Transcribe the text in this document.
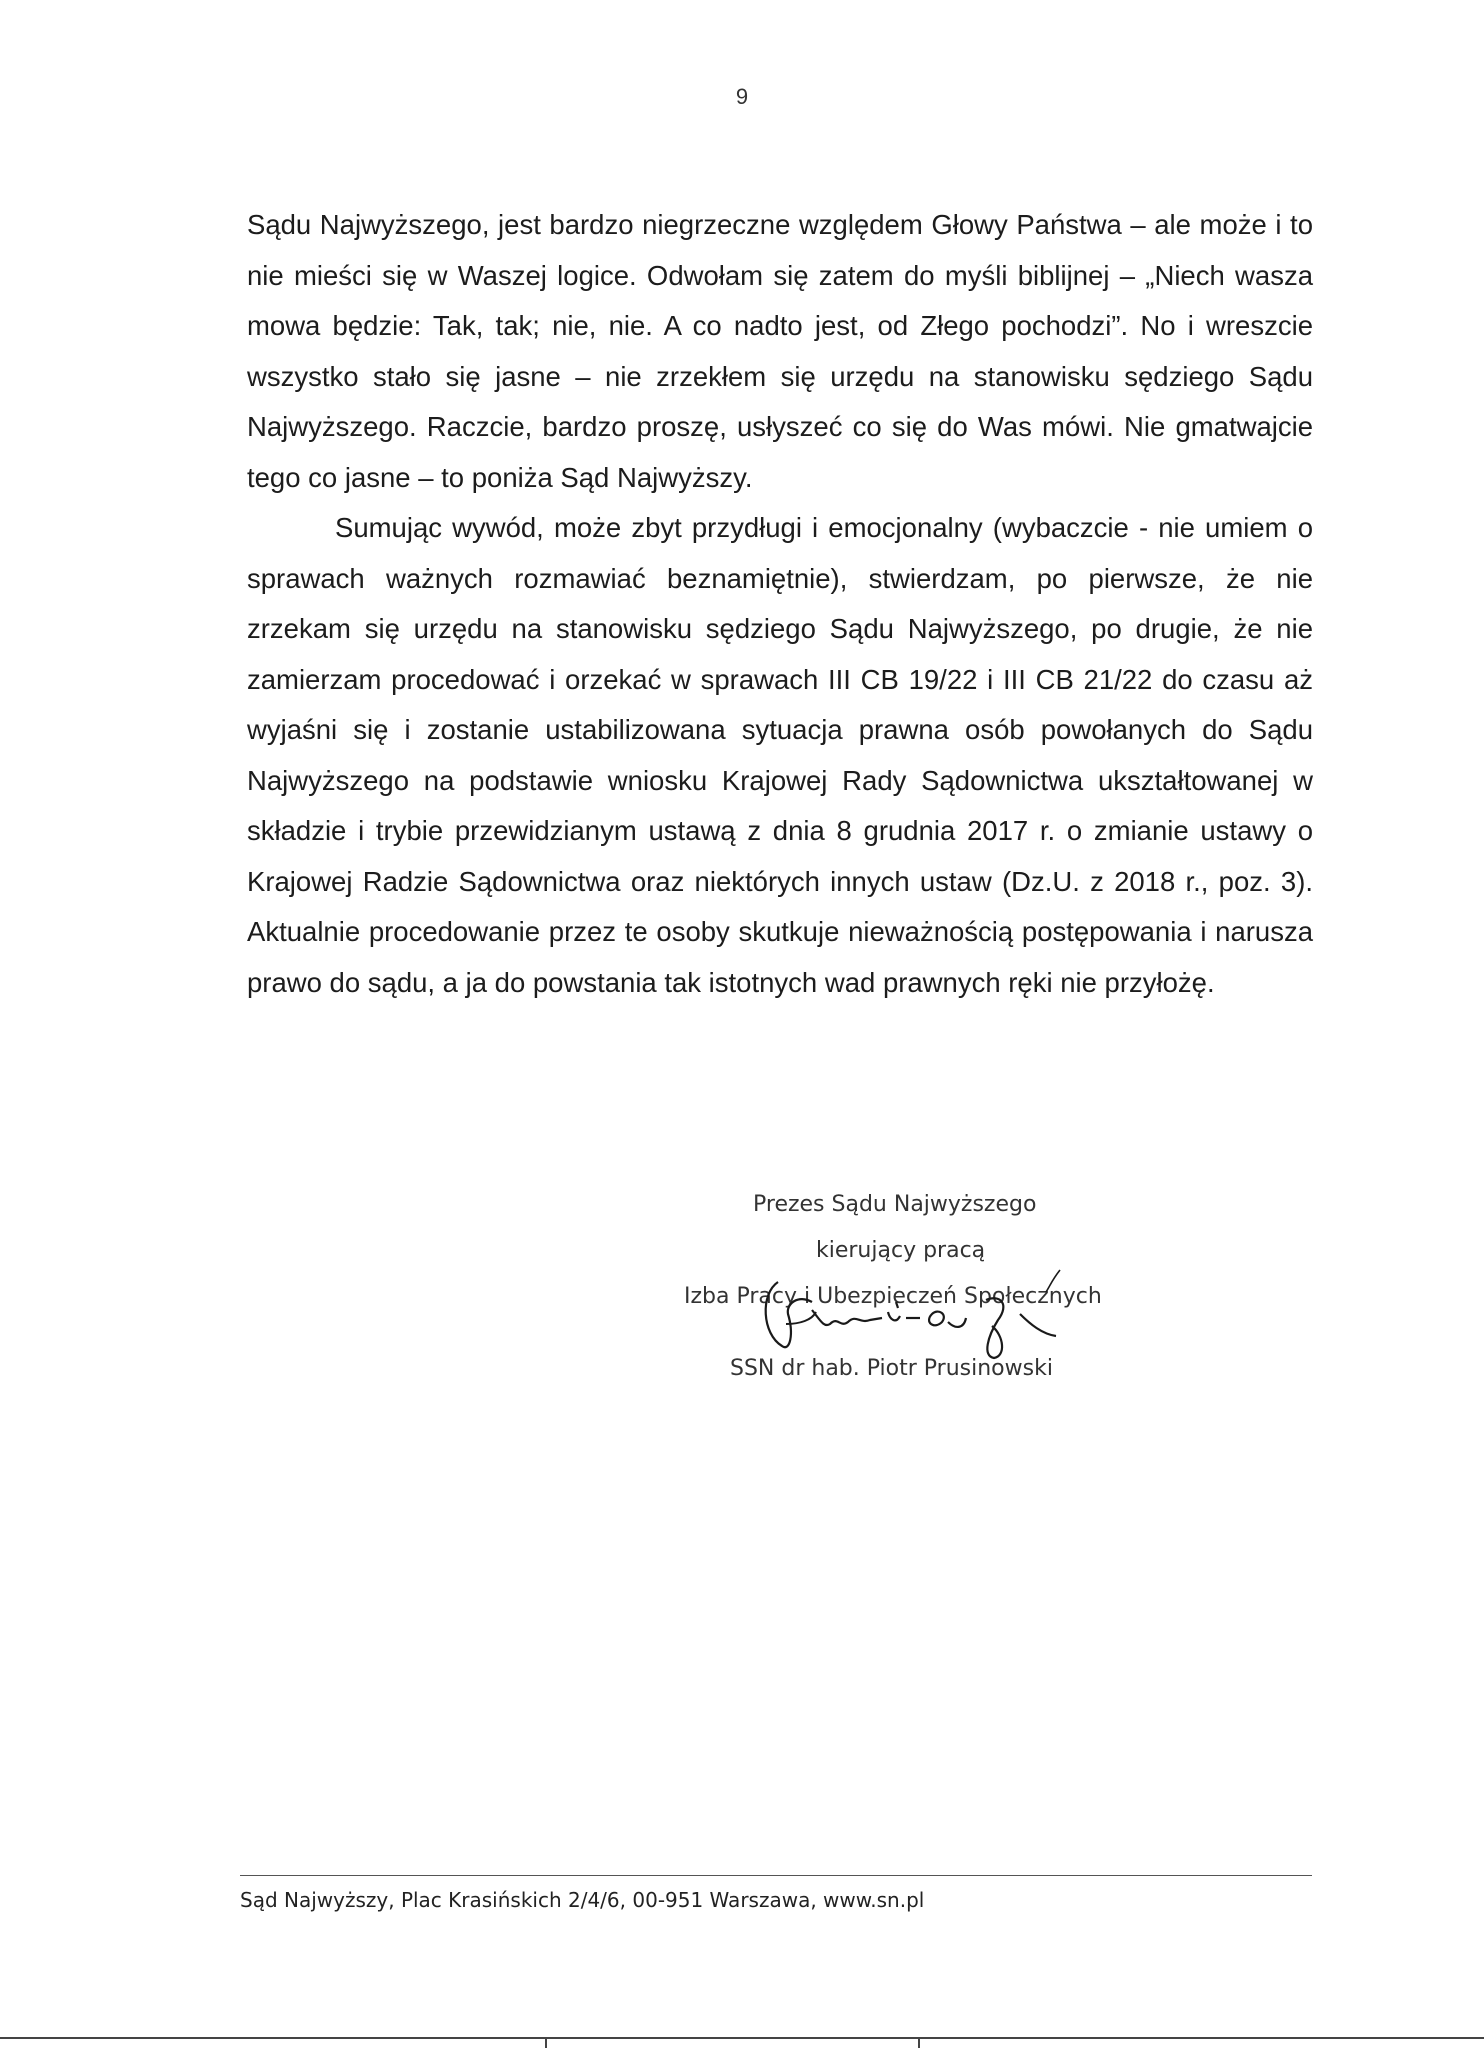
9

Sądu Najwyższego, jest bardzo niegrzeczne względem Głowy Państwa – ale może i to nie mieści się w Waszej logice. Odwołam się zatem do myśli biblijnej – „Niech wasza mowa będzie: Tak, tak; nie, nie. A co nadto jest, od Złego pochodzi”. No i wreszcie wszystko stało się jasne – nie zrzekłem się urzędu na stanowisku sędziego Sądu Najwyższego. Raczcie, bardzo proszę, usłyszeć co się do Was mówi. Nie gmatwajcie tego co jasne – to poniża Sąd Najwyższy.

Sumując wywód, może zbyt przydługi i emocjonalny (wybaczcie - nie umiem o sprawach ważnych rozmawiać beznamiętnie), stwierdzam, po pierwsze, że nie zrzekam się urzędu na stanowisku sędziego Sądu Najwyższego, po drugie, że nie zamierzam procedować i orzekać w sprawach III CB 19/22 i III CB 21/22 do czasu aż wyjaśni się i zostanie ustabilizowana sytuacja prawna osób powołanych do Sądu Najwyższego na podstawie wniosku Krajowej Rady Sądownictwa ukształtowanej w składzie i trybie przewidzianym ustawą z dnia 8 grudnia 2017 r. o zmianie ustawy o Krajowej Radzie Sądownictwa oraz niektórych innych ustaw (Dz.U. z 2018 r., poz. 3). Aktualnie procedowanie przez te osoby skutkuje nieważnością postępowania i narusza prawo do sądu, a ja do powstania tak istotnych wad prawnych ręki nie przyłożę.

Prezes Sądu Najwyższego
kierujący pracą
Izba Pracy i Ubezpieczeń Społecznych
SSN dr hab. Piotr Prusinowski
Sąd Najwyższy, Plac Krasińskich 2/4/6, 00-951 Warszawa, www.sn.pl
